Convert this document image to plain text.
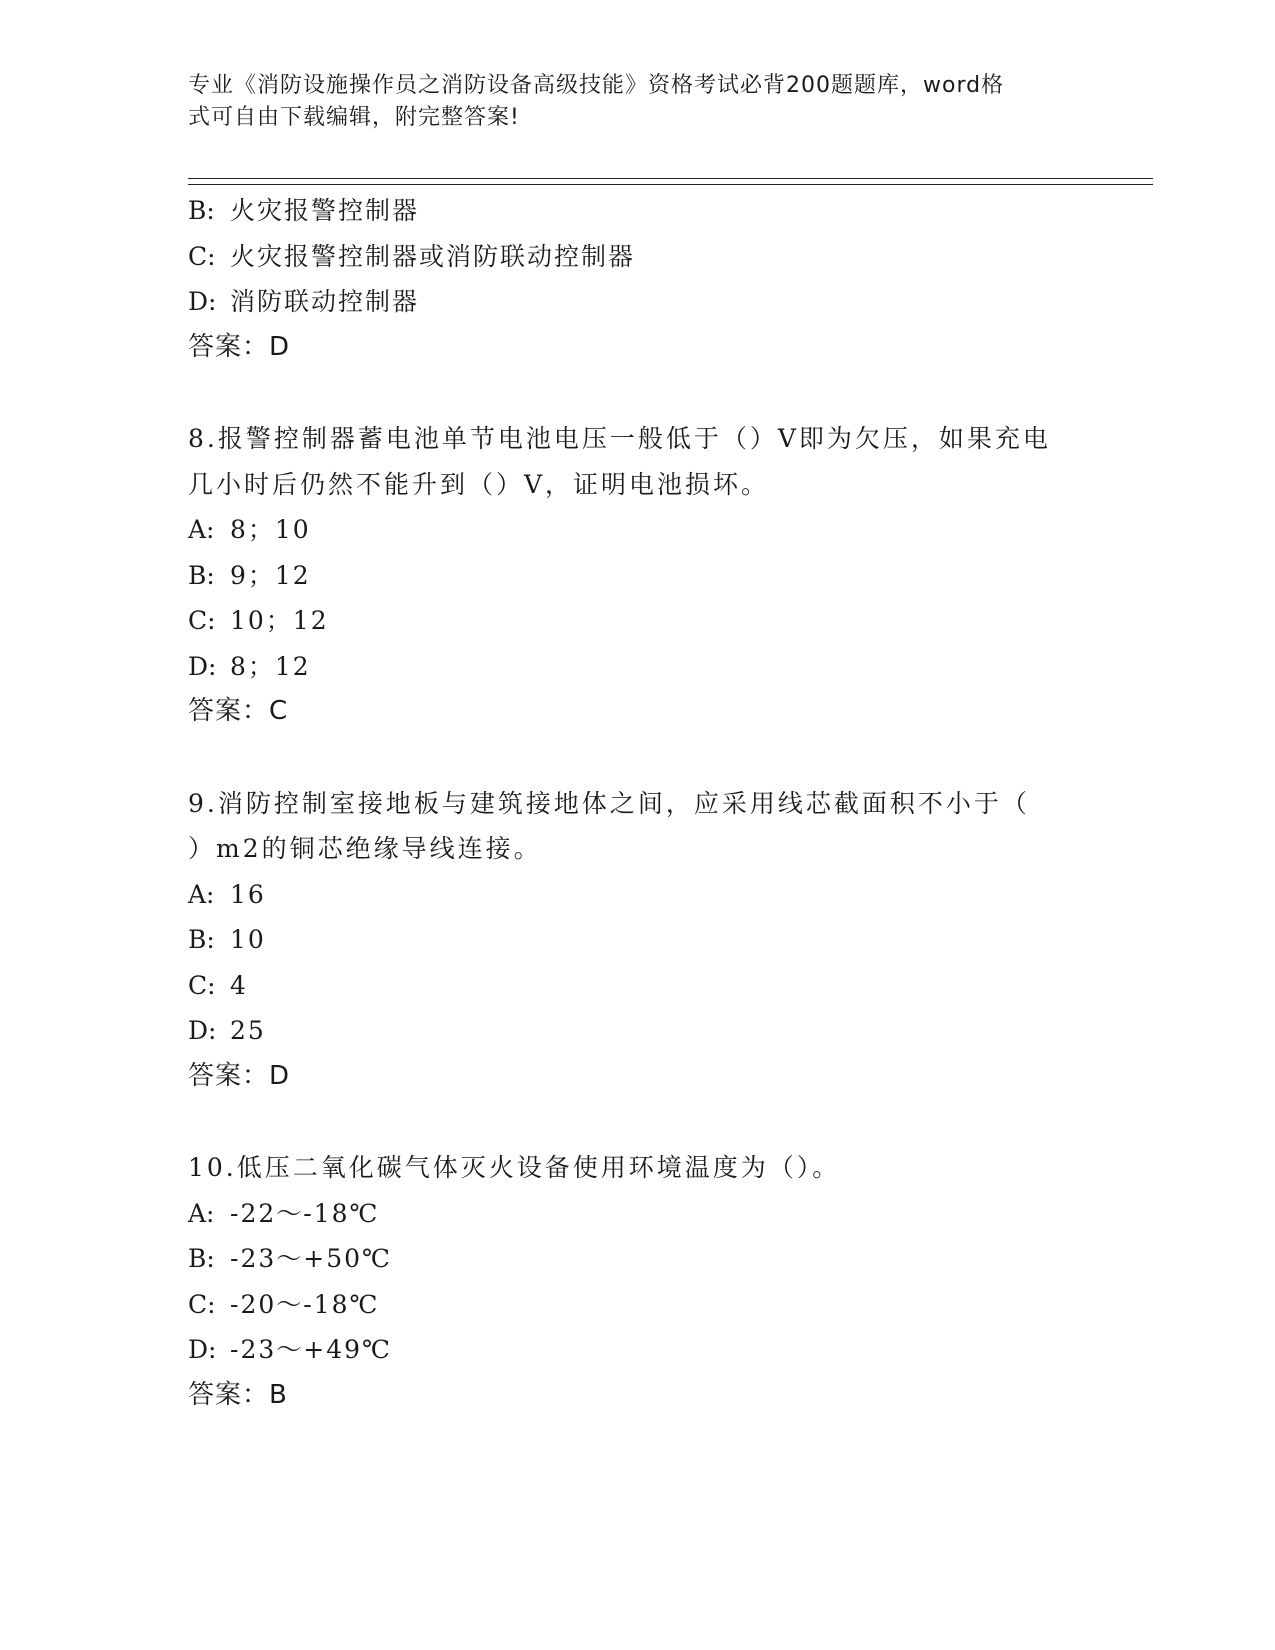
专业《消防设施操作员之消防设备高级技能》资格考试必背200题题库，word格
式可自由下载编辑，附完整答案!
B: 火灾报警控制器
C: 火灾报警控制器或消防联动控制器
D: 消防联动控制器
答案：D
8.报警控制器蓄电池单节电池电压一般低于（）V即为欠压，如果充电
几小时后仍然不能升到（）V，证明电池损坏。
A: 8；10
B: 9；12
C: 10；12
D: 8；12
答案：C
9.消防控制室接地板与建筑接地体之间，应采用线芯截面积不小于（
）m2的铜芯绝缘导线连接。
A: 16
B: 10
C: 4
D: 25
答案：D
10.低压二氧化碳气体灭火设备使用环境温度为（）。
A: -22～-18℃
B: -23～+50℃
C: -20～-18℃
D: -23～+49℃
答案：B
